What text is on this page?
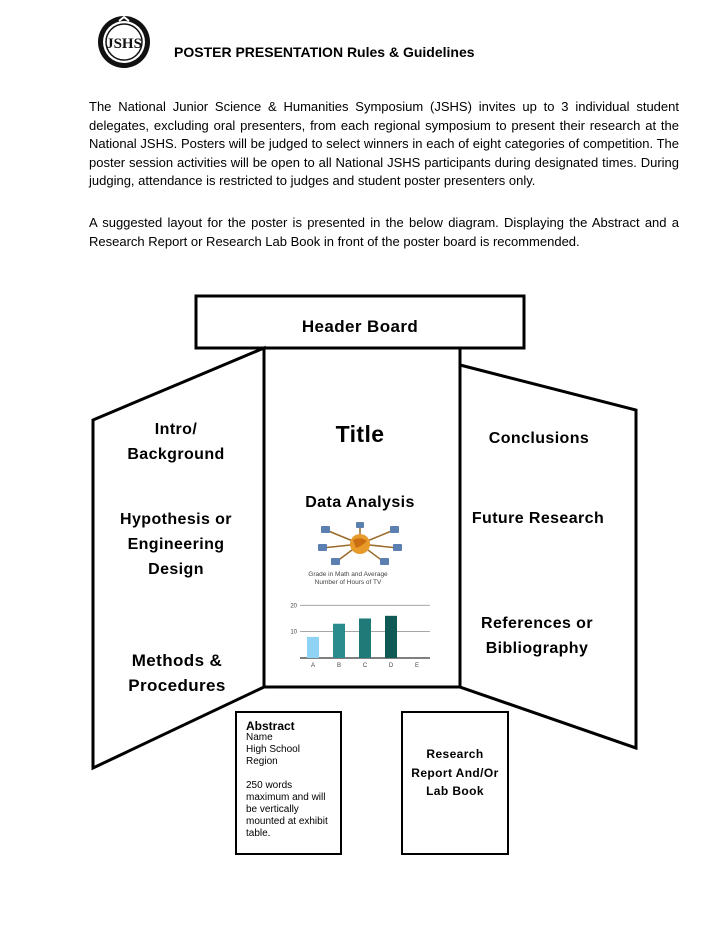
JSHS POSTER PRESENTATION Rules & Guidelines

The National Junior Science & Humanities Symposium (JSHS) invites up to 3 individual student delegates, excluding oral presenters, from each regional symposium to present their research at the National JSHS. Posters will be judged to select winners in each of eight categories of competition. The poster session activities will be open to all National JSHS participants during designated times. During judging, attendance is restricted to judges and student poster presenters only.

A suggested layout for the poster is presented in the below diagram. Displaying the Abstract and a Research Report or Research Lab Book in front of the poster board is recommended.

Header Board
Intro/ Background
Hypothesis or Engineering Design
Methods & Procedures
Title
Data Analysis
Conclusions
Future Research
References or Bibliography
Grade in Math and Average
Number of Hours of TV
10
20
A	B	C	D	E
Abstract
Name
High School
Region
250 words maximum and will be vertically mounted at exhibit table.
Research Report And/Or Lab Book
